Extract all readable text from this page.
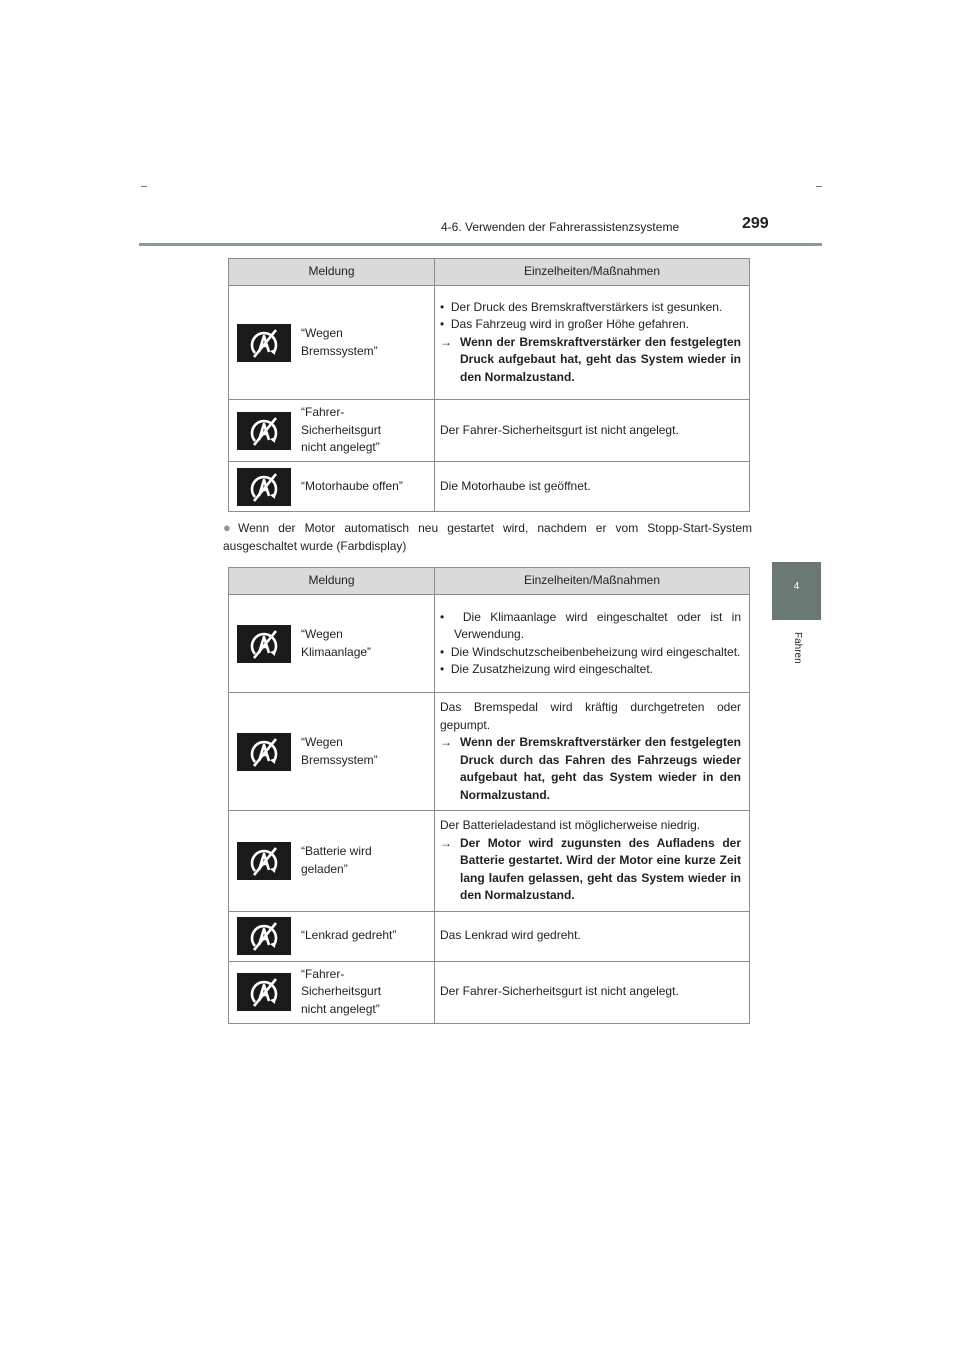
4-6. Verwenden der Fahrerassistenzsysteme	299
4
Fahren
Meldung	Einzelheiten/Maßnahmen

“Wegen Bremssystem”	•  Der Druck des Bremskraftverstärkers ist gesunken.
•  Das Fahrzeug wird in großer Höhe gefahren.
→ Wenn der Bremskraftverstärker den festgelegten Druck aufgebaut hat, geht das System wieder in den Normalzustand.

“Fahrer-Sicherheitsgurt nicht angelegt”	Der Fahrer-Sicherheitsgurt ist nicht angelegt.

“Motorhaube offen”	Die Motorhaube ist geöffnet.
● Wenn der Motor automatisch neu gestartet wird, nachdem er vom Stopp-Start-System ausgeschaltet wurde (Farbdisplay)
Meldung	Einzelheiten/Maßnahmen

“Wegen Klimaanlage”	•  Die Klimaanlage wird eingeschaltet oder ist in Verwendung.
•  Die Windschutzscheibenbeheizung wird eingeschaltet.
•  Die Zusatzheizung wird eingeschaltet.

“Wegen Bremssystem”	Das Bremspedal wird kräftig durchgetreten oder gepumpt.
→ Wenn der Bremskraftverstärker den festgelegten Druck durch das Fahren des Fahrzeugs wieder aufgebaut hat, geht das System wieder in den Normalzustand.

“Batterie wird geladen”	Der Batterieladestand ist möglicherweise niedrig.
→ Der Motor wird zugunsten des Aufladens der Batterie gestartet. Wird der Motor eine kurze Zeit lang laufen gelassen, geht das System wieder in den Normalzustand.

“Lenkrad gedreht”	Das Lenkrad wird gedreht.

“Fahrer-Sicherheitsgurt nicht angelegt”	Der Fahrer-Sicherheitsgurt ist nicht angelegt.
